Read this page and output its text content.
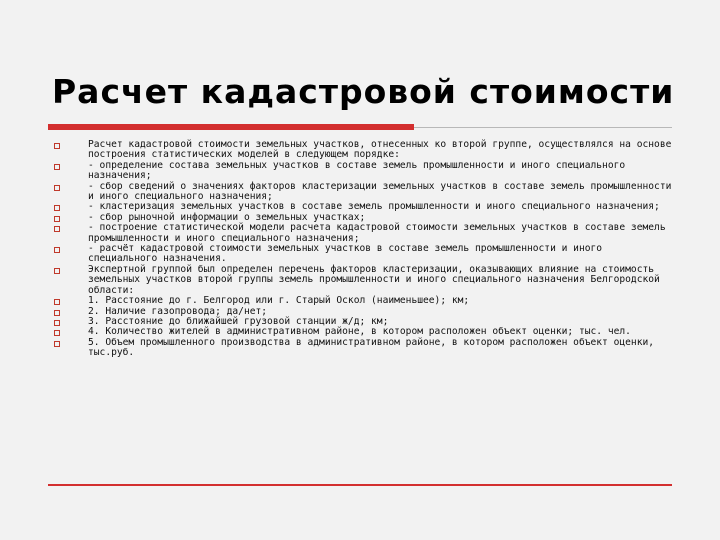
Расчет кадастровой стоимости
Расчет кадастровой стоимости земельных участков, отнесенных ко второй группе, осуществлялся на основе построения статистических моделей в следующем порядке:
- определение состава земельных участков в составе земель промышленности и иного специального назначения;
- сбор сведений о значениях факторов кластеризации земельных участков в составе земель промышленности и иного специального назначения;
- кластеризация земельных участков в составе земель промышленности и иного специального назначения;
- сбор рыночной информации о земельных участках;
- построение статистической модели расчета кадастровой стоимости земельных участков в составе земель промышленности и иного специального назначения;
- расчёт кадастровой стоимости земельных участков в составе земель промышленности и иного специального назначения.
Экспертной группой был определен перечень факторов кластеризации, оказывающих влияние на стоимость земельных участков второй группы земель промышленности и иного специального назначения Белгородской области:
1. Расстояние до г. Белгород или г. Старый Оскол (наименьшее); км;
2. Наличие газопровода; да/нет;
3. Расстояние до ближайшей грузовой станции ж/д; км;
4. Количество жителей в административном районе, в котором расположен объект оценки; тыс. чел.
5. Объем промышленного производства в административном районе, в котором расположен объект оценки, тыс.руб.
